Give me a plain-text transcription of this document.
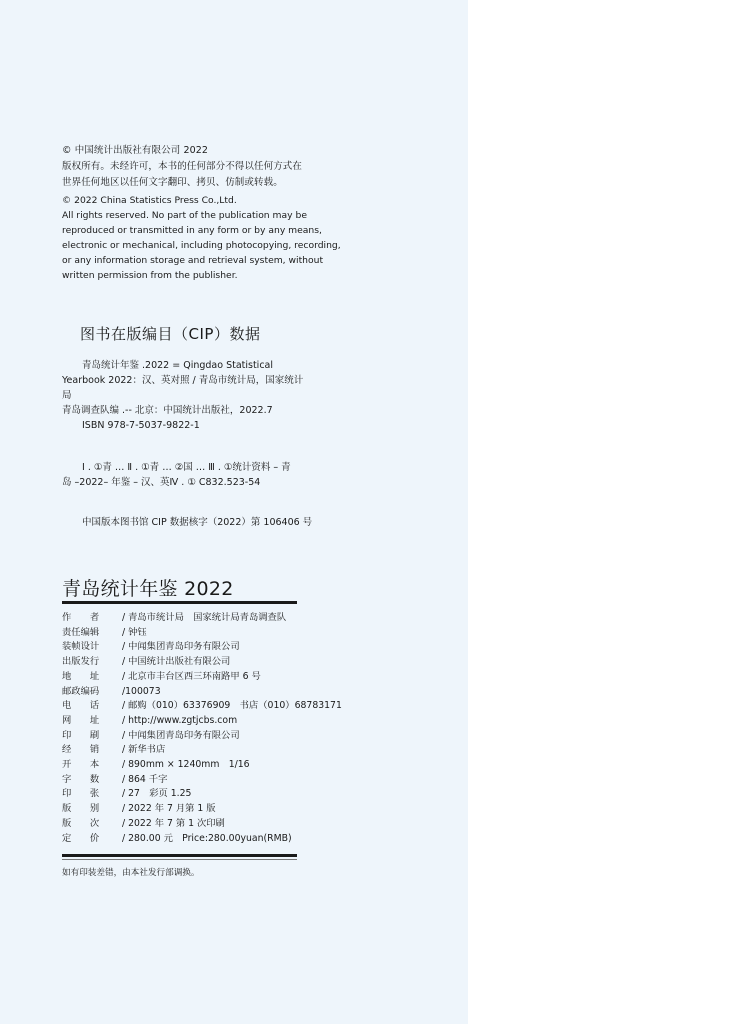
© 中国统计出版社有限公司 2022
版权所有。未经许可，本书的任何部分不得以任何方式在
世界任何地区以任何文字翻印、拷贝、仿制或转载。
© 2022 China Statistics Press Co.,Ltd.
All rights reserved. No part of the publication may be
reproduced or transmitted in any form or by any means,
electronic or mechanical, including photocopying, recording,
or any information storage and retrieval system, without
written permission from the publisher.
图书在版编目（CIP）数据
青岛统计年鉴 .2022 = Qingdao Statistical
Yearbook 2022：汉、英对照 / 青岛市统计局，国家统计局
青岛调查队编 .-- 北京：中国统计出版社，2022.7
ISBN 978-7-5037-9822-1
Ⅰ . ①青 … Ⅱ . ①青 … ②国 … Ⅲ . ①统计资料 – 青
岛 –2022– 年鉴 – 汉、英Ⅳ . ① C832.523-54
中国版本图书馆 CIP 数据核字（2022）第 106406 号
青岛统计年鉴 2022
作　　者 / 青岛市统计局　国家统计局青岛调查队
责任编辑 / 钟钰
装帧设计 / 中闻集团青岛印务有限公司
出版发行 / 中国统计出版社有限公司
地　　址 / 北京市丰台区西三环南路甲 6 号
邮政编码 /100073
电　　话 / 邮购（010）63376909　书店（010）68783171
网　　址 / http://www.zgtjcbs.com
印　　刷 / 中闻集团青岛印务有限公司
经　　销 / 新华书店
开　　本 / 890mm × 1240mm　1/16
字　　数 / 864 千字
印　　张 / 27　彩页 1.25
版　　别 / 2022 年 7 月第 1 版
版　　次 / 2022 年 7 第 1 次印刷
定　　价 / 280.00 元　Price:280.00yuan(RMB)
如有印装差错，由本社发行部调换。
